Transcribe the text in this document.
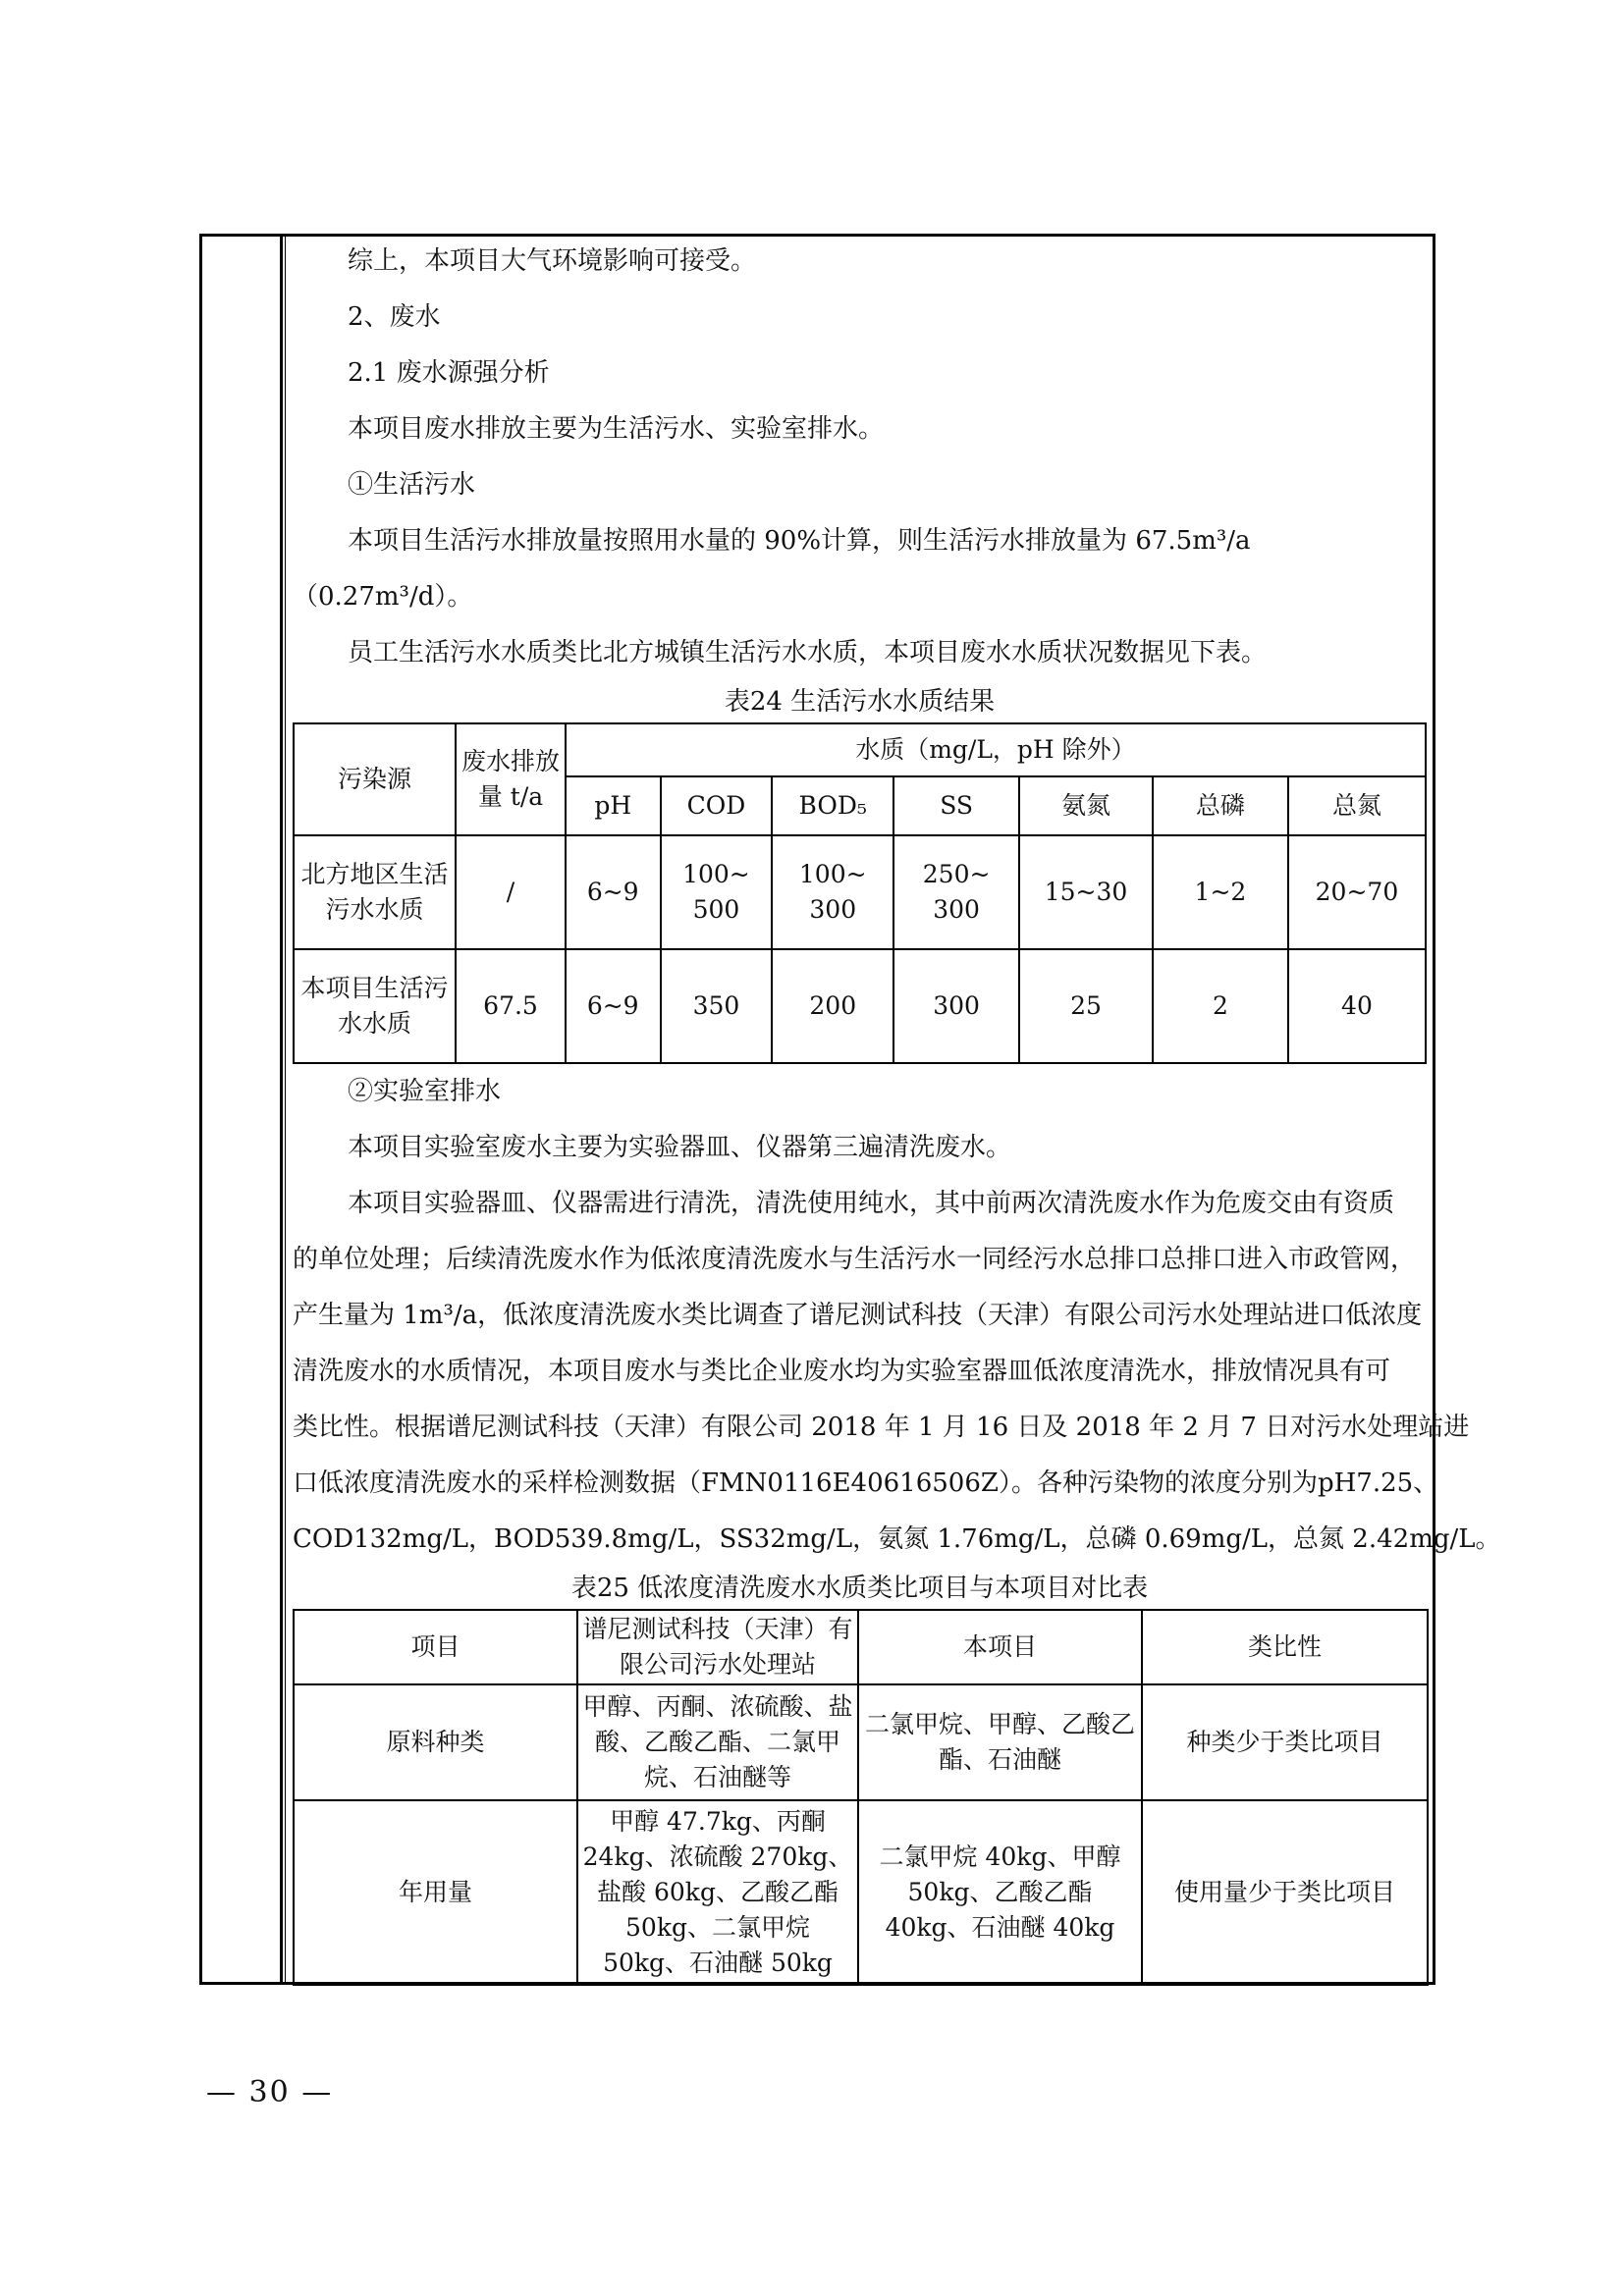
综上，本项目大气环境影响可接受。

2、废水

2.1 废水源强分析

本项目废水排放主要为生活污水、实验室排水。

①生活污水

本项目生活污水排放量按照用水量的 90%计算，则生活污水排放量为 67.5m³/a

（0.27m³/d）。

员工生活污水水质类比北方城镇生活污水水质，本项目废水水质状况数据见下表。

表24 生活污水水质结果

污染源	废水排放量 t/a	水质（mg/L，pH 除外）						
		pH	COD	BOD₅	SS	氨氮	总磷	总氮
北方地区生活污水水质	/	6~9	100~ 500	100~ 300	250~ 300	15~30	1~2	20~70
本项目生活污水水质	67.5	6~9	350	200	300	25	2	40

②实验室排水

本项目实验室废水主要为实验器皿、仪器第三遍清洗废水。

本项目实验器皿、仪器需进行清洗，清洗使用纯水，其中前两次清洗废水作为危废交由有资质

的单位处理；后续清洗废水作为低浓度清洗废水与生活污水一同经污水总排口总排口进入市政管网，

产生量为 1m³/a，低浓度清洗废水类比调查了谱尼测试科技（天津）有限公司污水处理站进口低浓度

清洗废水的水质情况，本项目废水与类比企业废水均为实验室器皿低浓度清洗水，排放情况具有可

类比性。根据谱尼测试科技（天津）有限公司 2018 年 1 月 16 日及 2018 年 2 月 7 日对污水处理站进

口低浓度清洗废水的采样检测数据（FMN0116E40616506Z）。各种污染物的浓度分别为pH7.25、

COD132mg/L，BOD539.8mg/L，SS32mg/L，氨氮 1.76mg/L，总磷 0.69mg/L，总氮 2.42mg/L。

表25 低浓度清洗废水水质类比项目与本项目对比表

项目	谱尼测试科技（天津）有限公司污水处理站	本项目	类比性
原料种类	甲醇、丙酮、浓硫酸、盐酸、乙酸乙酯、二氯甲烷、石油醚等	二氯甲烷、甲醇、乙酸乙酯、石油醚	种类少于类比项目
年用量	甲醇 47.7kg、丙酮 24kg、浓硫酸 270kg、盐酸 60kg、乙酸乙酯 50kg、二氯甲烷 50kg、石油醚 50kg	二氯甲烷 40kg、甲醇 50kg、乙酸乙酯 40kg、石油醚 40kg	使用量少于类比项目
— 30 —
